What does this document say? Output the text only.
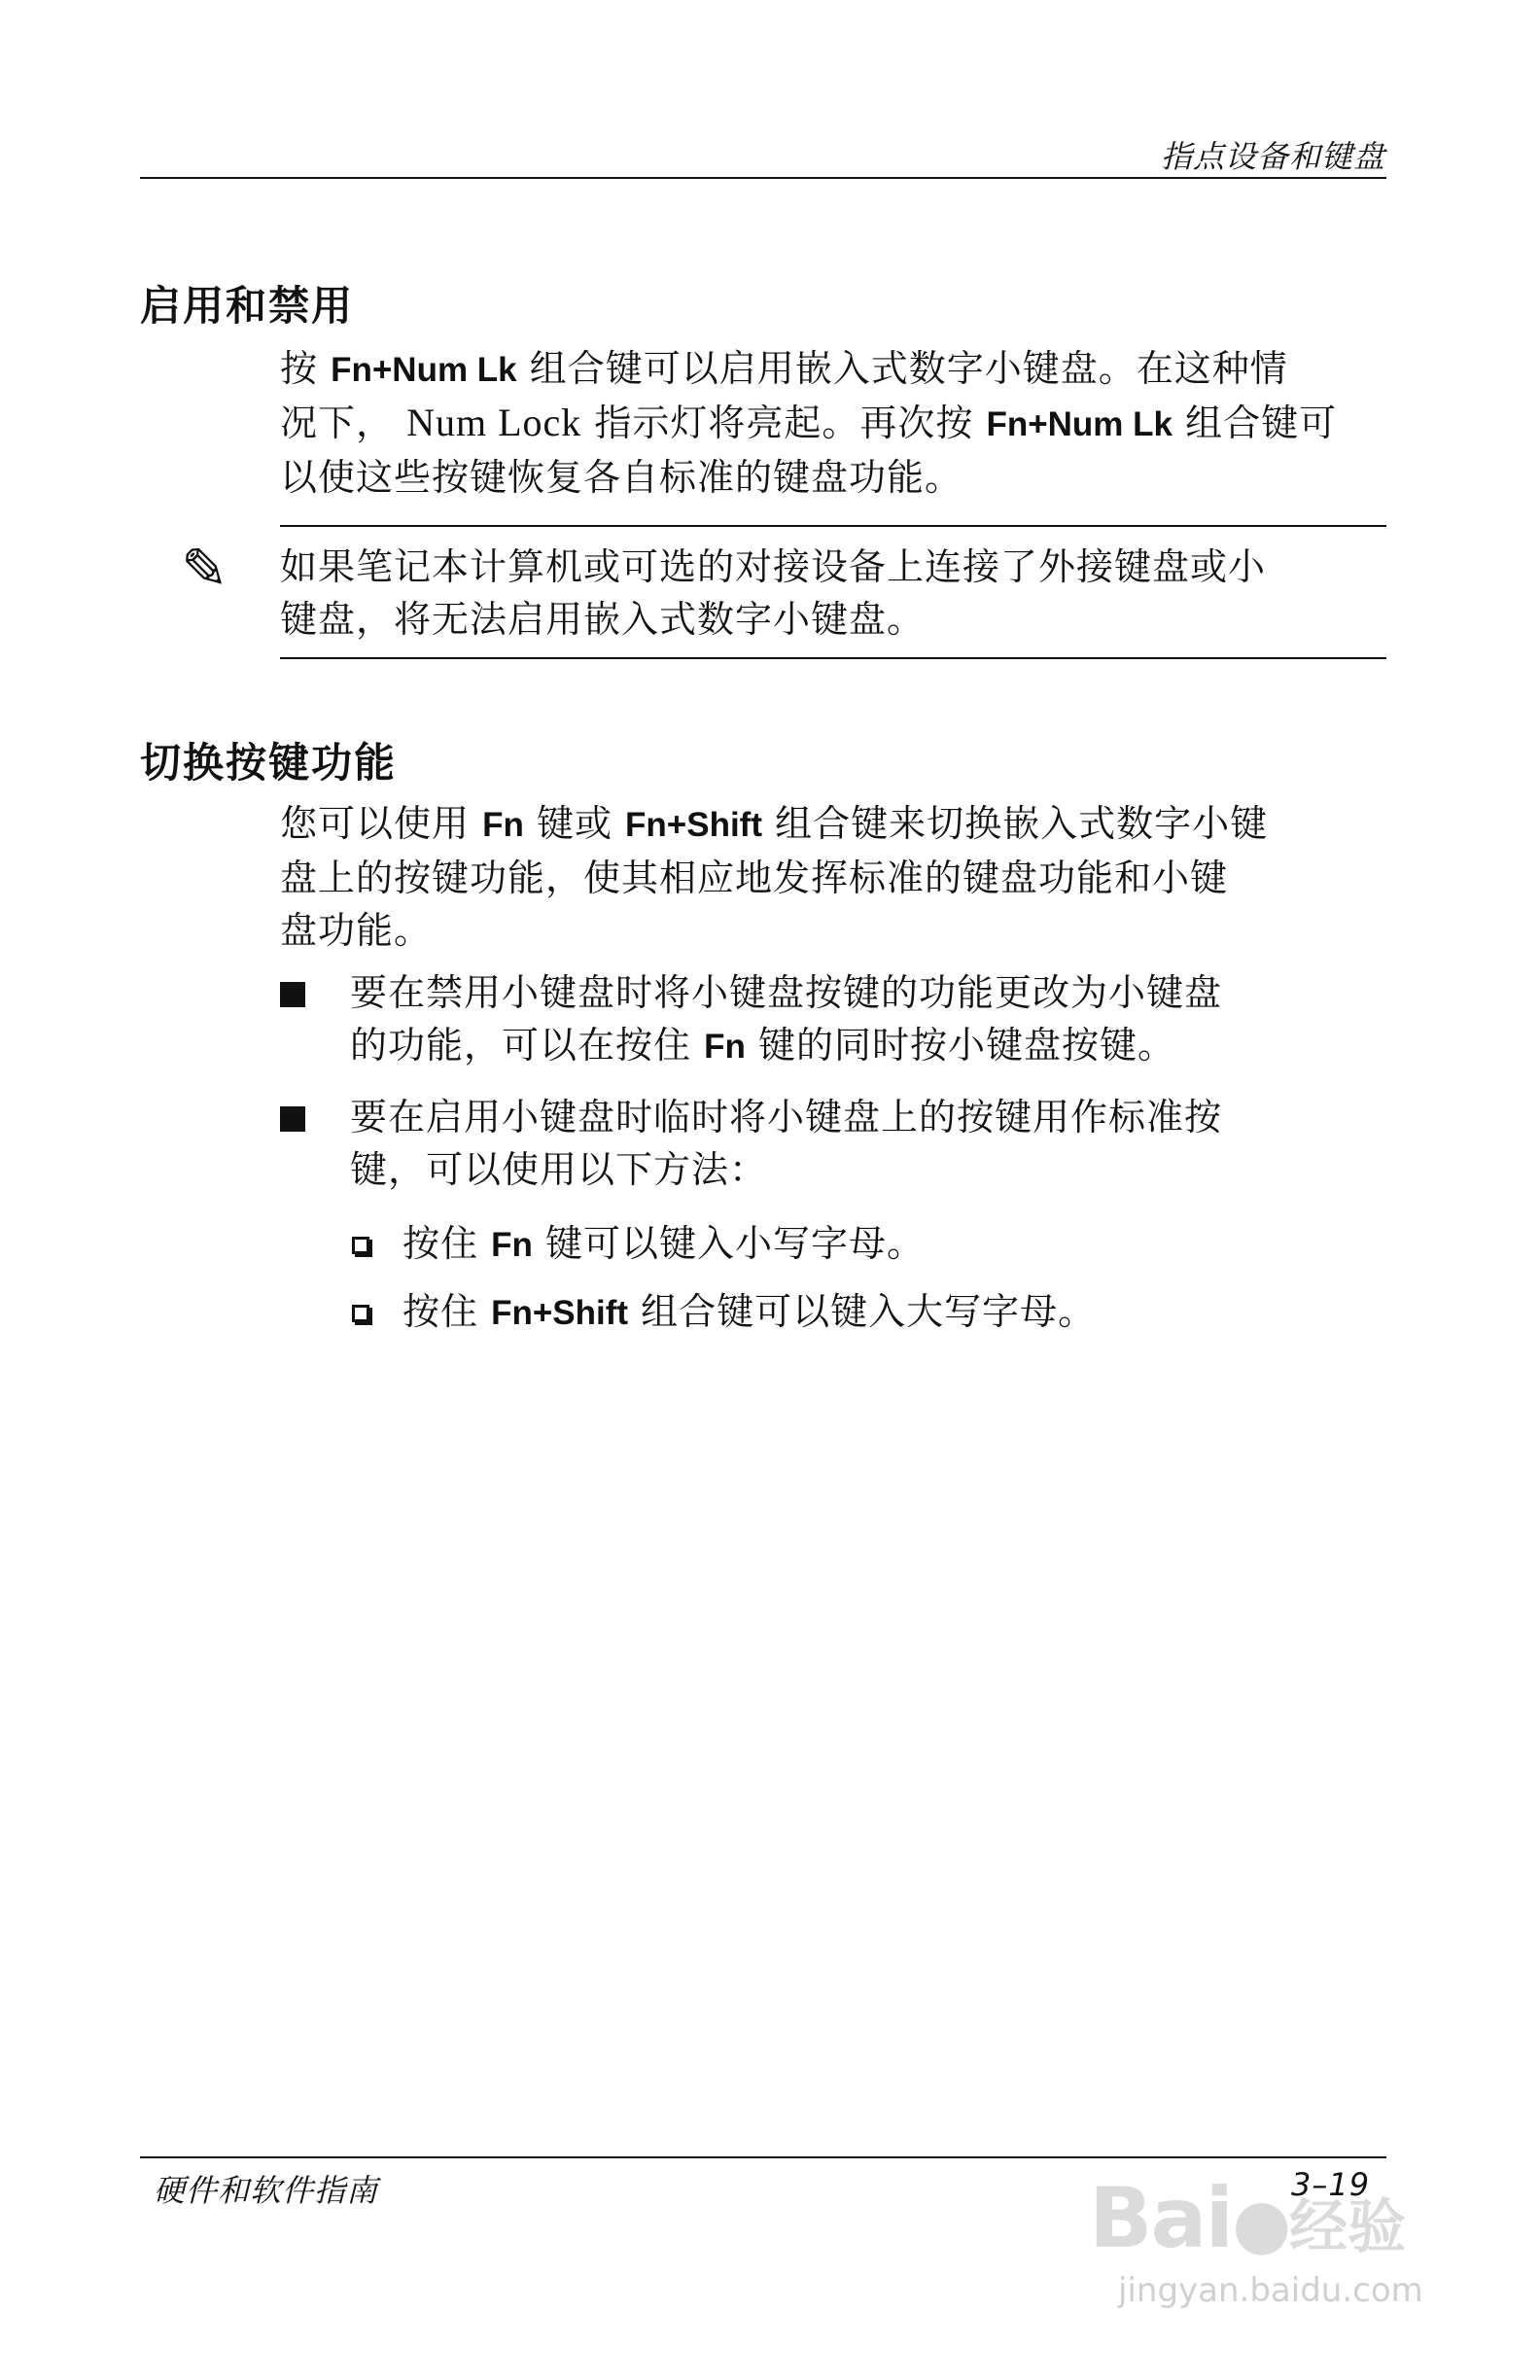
指点设备和键盘
启用和禁用
按 Fn+Num Lk 组合键可以启用嵌入式数字小键盘。在这种情
况下， Num Lock 指示灯将亮起。再次按 Fn+Num Lk 组合键可
以使这些按键恢复各自标准的键盘功能。
✎ 如果笔记本计算机或可选的对接设备上连接了外接键盘或小
键盘，将无法启用嵌入式数字小键盘。
切换按键功能
您可以使用 Fn 键或 Fn+Shift 组合键来切换嵌入式数字小键
盘上的按键功能，使其相应地发挥标准的键盘功能和小键
盘功能。
要在禁用小键盘时将小键盘按键的功能更改为小键盘
的功能，可以在按住 Fn 键的同时按小键盘按键。
要在启用小键盘时临时将小键盘上的按键用作标准按
键，可以使用以下方法：
按住 Fn 键可以键入小写字母。
按住 Fn+Shift 组合键可以键入大写字母。
硬件和软件指南	3–19
Bai●经验
jingyan.baidu.com
